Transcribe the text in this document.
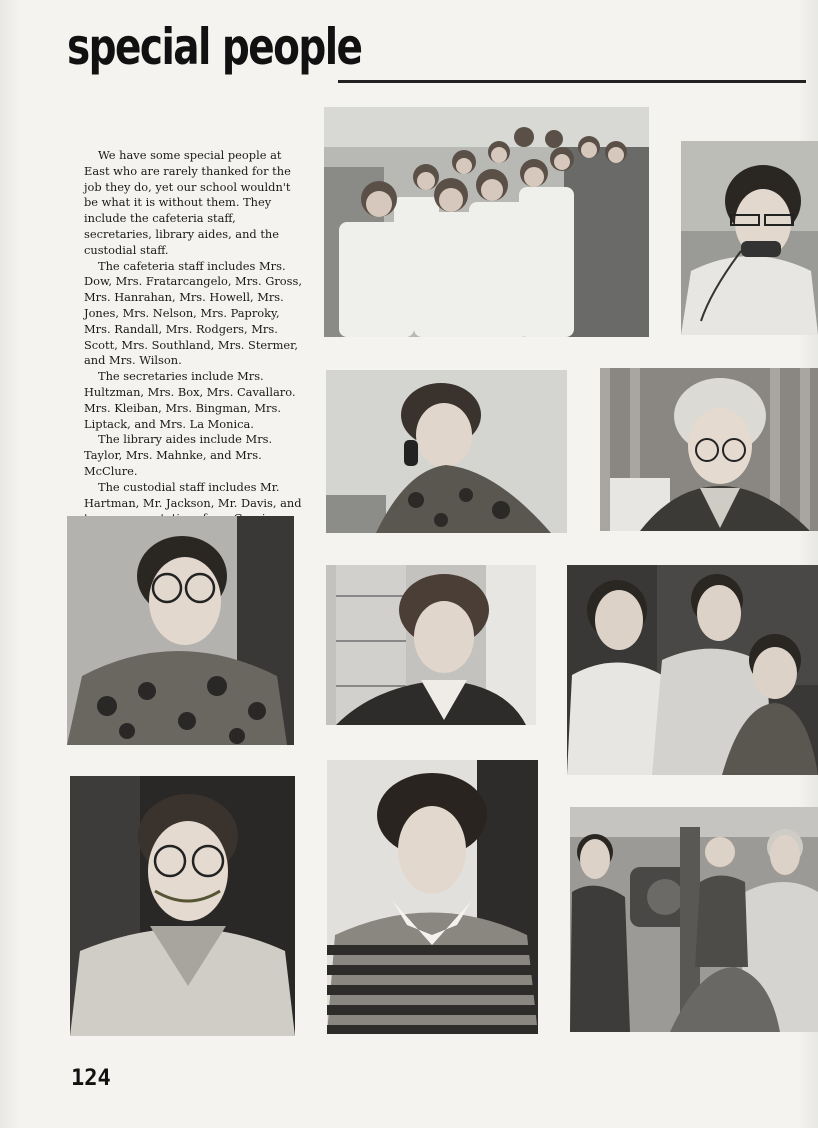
special people

We have some special people at East who are rarely thanked for the job they do, yet our school wouldn't be what it is without them. They include the cafeteria staff, secretaries, library aides, and the custodial staff.

The cafeteria staff includes Mrs. Dow, Mrs. Fratarcangelo, Mrs. Gross, Mrs. Hanrahan, Mrs. Howell, Mrs. Jones, Mrs. Nelson, Mrs. Paproky, Mrs. Randall, Mrs. Rodgers, Mrs. Scott, Mrs. Southland, Mrs. Stermer, and Mrs. Wilson.

The secretaries include Mrs. Hultzman, Mrs. Box, Mrs. Cavallaro. Mrs. Kleiban, Mrs. Bingman, Mrs. Liptack, and Mrs. La Monica.

The library aides include Mrs. Taylor, Mrs. Mahnke, and Mrs. McClure.

The custodial staff includes Mr. Hartman, Mr. Jackson, Mr. Davis, and

124
